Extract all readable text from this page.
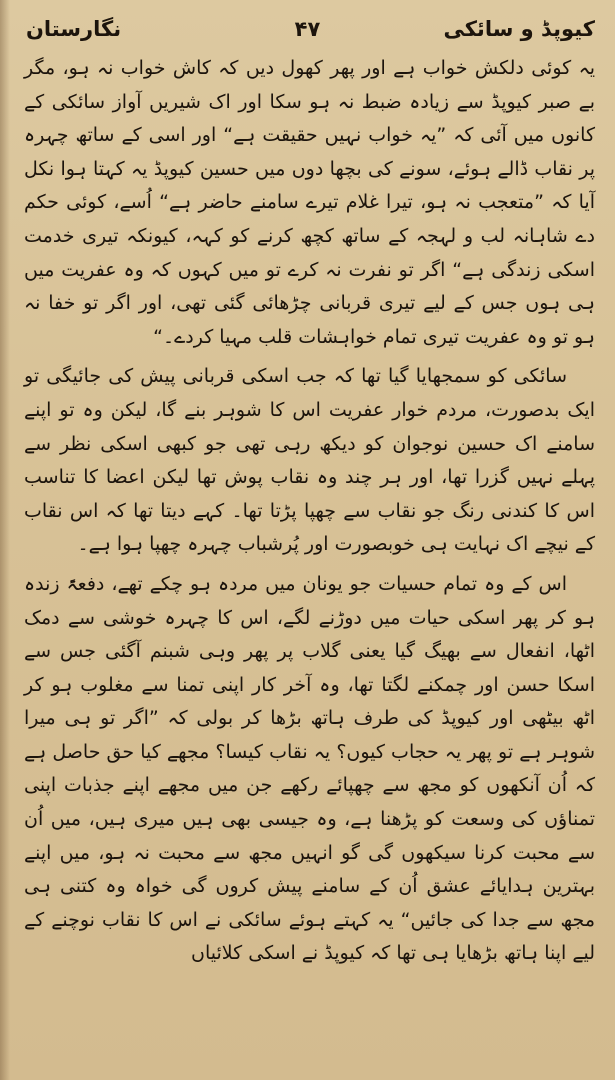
کیوپڈ و سائکی
۴۷
نگارستان

یہ کوئی دلکش خواب ہے اور پھر کھول دیں کہ کاش خواب نہ ہو، مگر بے صبر کیوپڈ سے زیادہ ضبط نہ ہو سکا اور اک شیریں آواز سائکی کے کانوں میں آئی کہ ”یہ خواب نہیں حقیقت ہے“ اور اسی کے ساتھ چہرہ پر نقاب ڈالے ہوئے، سونے کی بچھا دوں میں حسین کیوپڈ یہ کہتا ہوا نکل آیا کہ ”متعجب نہ ہو، تیرا غلام تیرے سامنے حاضر ہے“ اُسے، کوئی حکم دے شاہانہ لب و لہجہ کے ساتھ کچھ کرنے کو کہہ، کیونکہ تیری خدمت اسکی زندگی ہے“ اگر تو نفرت نہ کرے تو میں کہوں کہ وہ عفریت میں ہی ہوں جس کے لیے تیری قربانی چڑھائی گئی تھی، اور اگر تو خفا نہ ہو تو وہ عفریت تیری تمام خواہشات قلب مہیا کردے۔“

سائکی کو سمجھایا گیا تھا کہ جب اسکی قربانی پیش کی جائیگی تو ایک بدصورت، مردم خوار عفریت اس کا شوہر بنے گا، لیکن وہ تو اپنے سامنے اک حسین نوجوان کو دیکھ رہی تھی جو کبھی اسکی نظر سے پہلے نہیں گزرا تھا، اور ہر چند وہ نقاب پوش تھا لیکن اعضا کا تناسب اس کا کندنی رنگ جو نقاب سے چھپا پڑتا تھا۔ کہے دیتا تھا کہ اس نقاب کے نیچے اک نہایت ہی خوبصورت اور پُرشباب چہرہ چھپا ہوا ہے۔

اس کے وہ تمام حسیات جو یونان میں مردہ ہو چکے تھے، دفعۃً زندہ ہو کر پھر اسکی حیات میں دوڑنے لگے، اس کا چہرہ خوشی سے دمک اٹھا، انفعال سے بھیگ گیا یعنی گلاب پر پھر وہی شبنم آگئی جس سے اسکا حسن اور چمکنے لگتا تھا، وہ آخر کار اپنی تمنا سے مغلوب ہو کر اٹھ بیٹھی اور کیوپڈ کی طرف ہاتھ بڑھا کر بولی کہ ”اگر تو ہی میرا شوہر ہے تو پھر یہ حجاب کیوں؟ یہ نقاب کیسا؟ مجھے کیا حق حاصل ہے کہ اُن آنکھوں کو مجھ سے چھپائے رکھے جن میں مجھے اپنے جذبات اپنی تمناؤں کی وسعت کو پڑھنا ہے، وہ جیسی بھی ہیں میری ہیں، میں اُن سے محبت کرنا سیکھوں گی گو انہیں مجھ سے محبت نہ ہو، میں اپنے بہترین ہدایائے عشق اُن کے سامنے پیش کروں گی خواہ وہ کتنی ہی مجھ سے جدا کی جائیں“ یہ کہتے ہوئے سائکی نے اس کا نقاب نوچنے کے لیے اپنا ہاتھ بڑھایا ہی تھا کہ کیوپڈ نے اسکی کلائیاں
